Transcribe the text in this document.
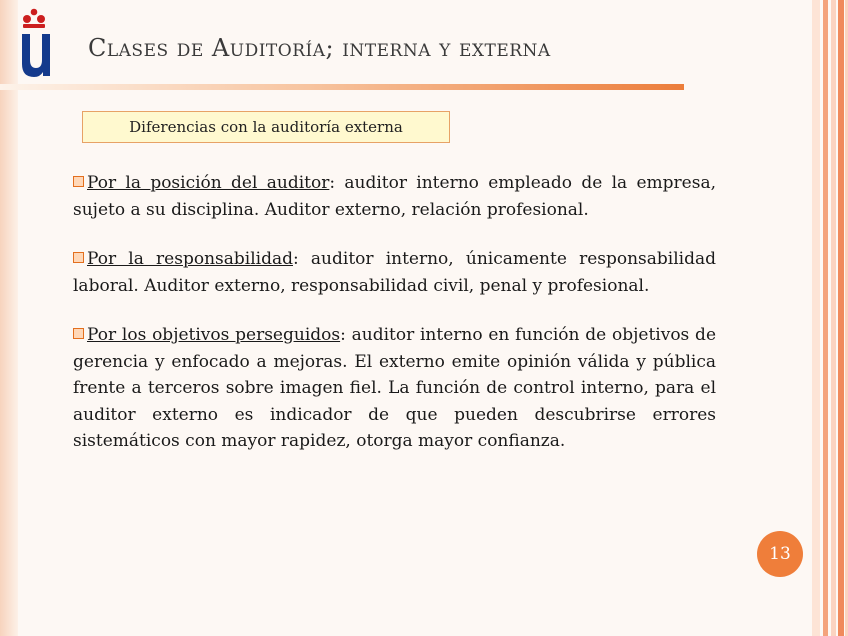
Clases de Auditoría; interna y externa
Diferencias con la auditoría externa

Por la posición del auditor: auditor interno empleado de la empresa, sujeto a su disciplina. Auditor externo, relación profesional.

Por la responsabilidad: auditor interno, únicamente responsabilidad laboral. Auditor externo, responsabilidad civil, penal y profesional.

Por los objetivos perseguidos: auditor interno en función de objetivos de gerencia y enfocado a mejoras. El externo emite opinión válida y pública frente a terceros sobre imagen fiel. La función de control interno, para el auditor externo es indicador de que pueden descubrirse errores sistemáticos con mayor rapidez, otorga mayor confianza.

13
